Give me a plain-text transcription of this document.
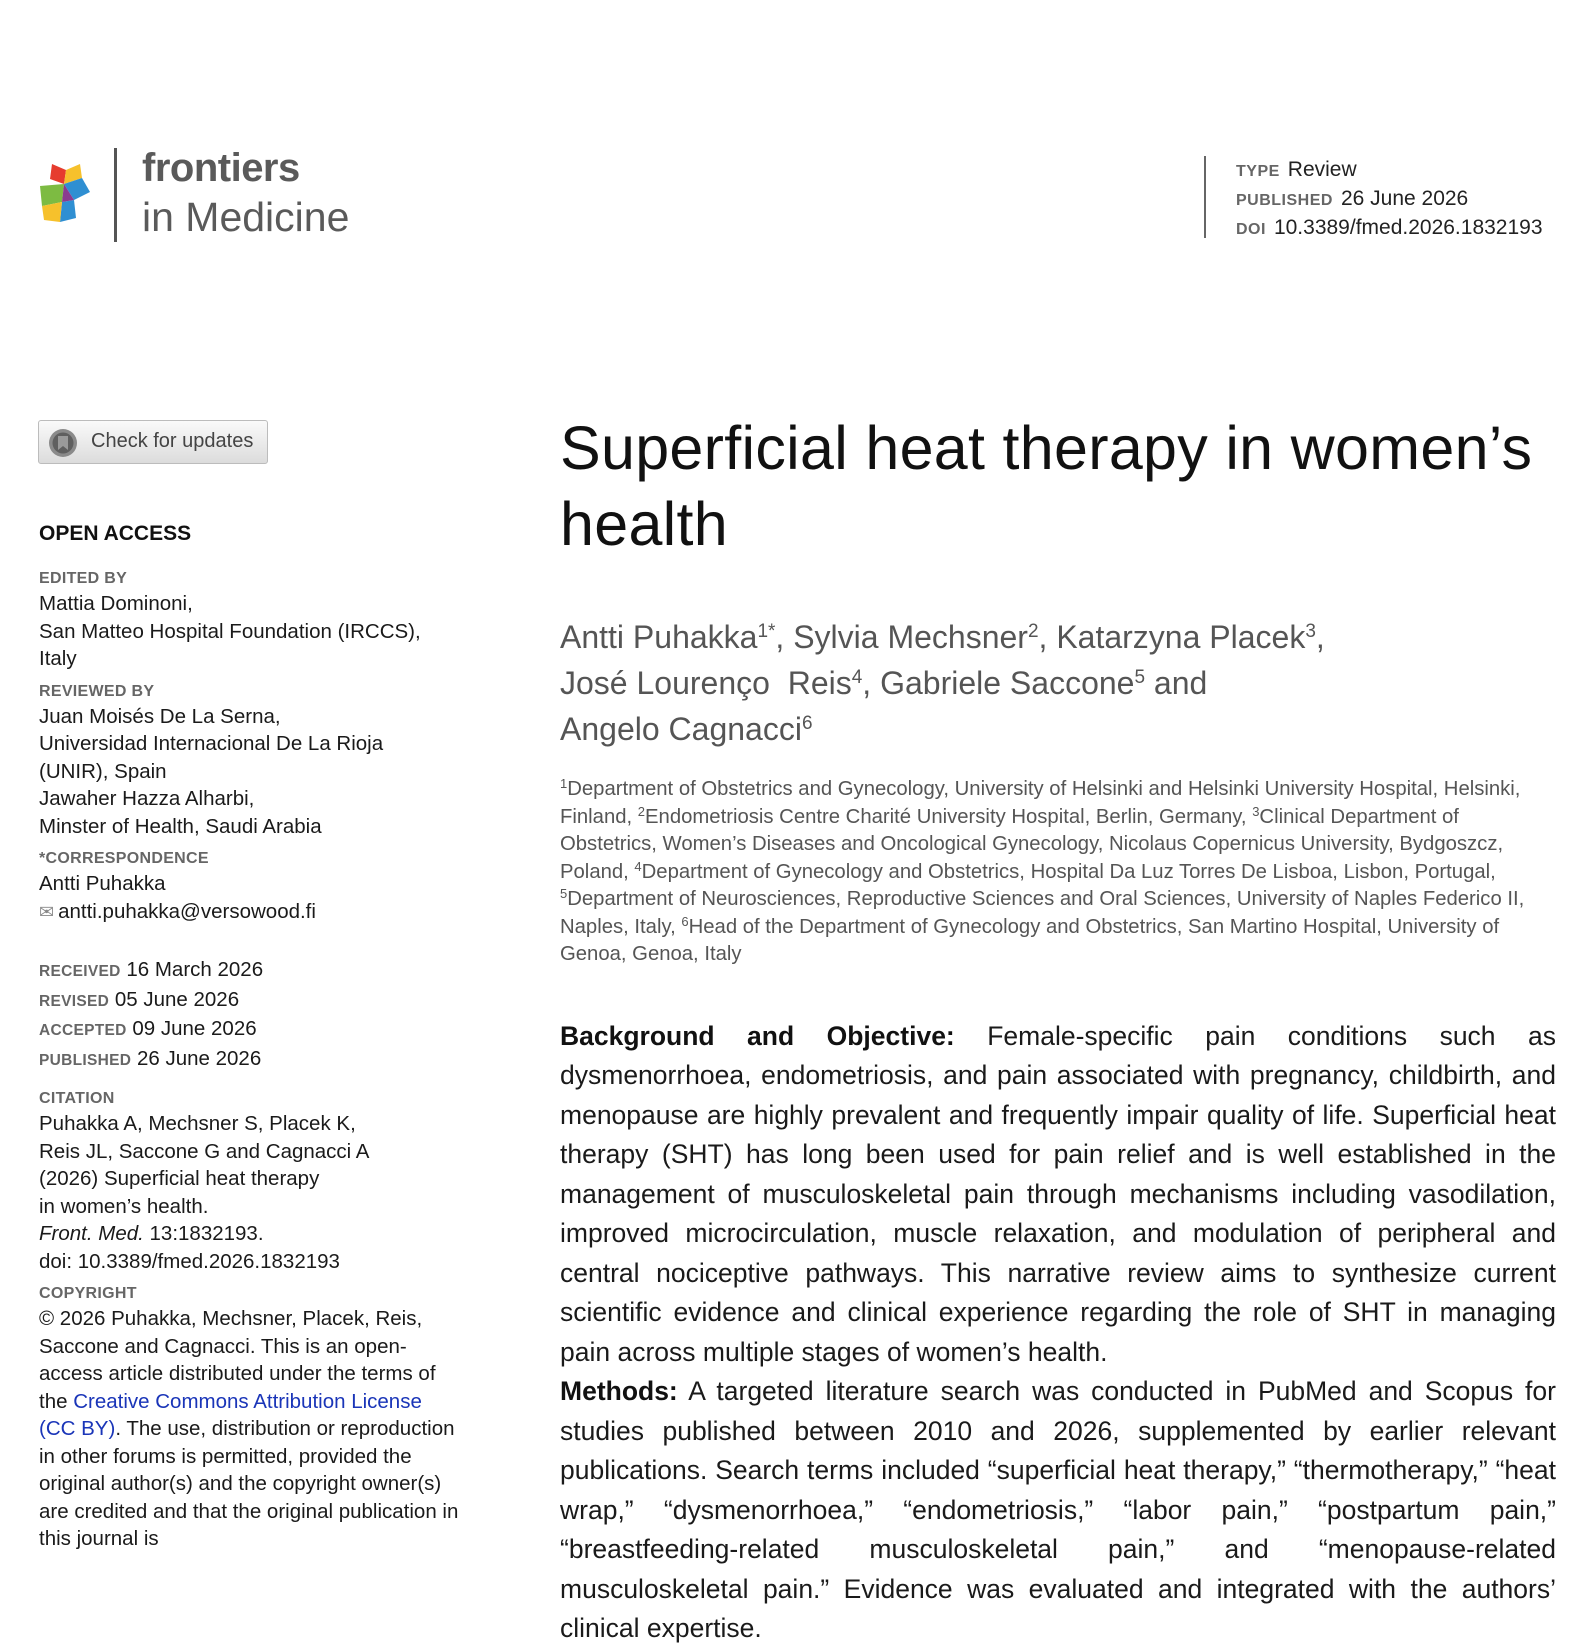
frontiers
in Medicine
TYPE Review
PUBLISHED 26 June 2026
DOI 10.3389/fmed.2026.1832193
Check for updates
OPEN ACCESS
EDITED BY
Mattia Dominoni,
San Matteo Hospital Foundation (IRCCS),
Italy
REVIEWED BY
Juan Moisés De La Serna,
Universidad Internacional De La Rioja
(UNIR), Spain
Jawaher Hazza Alharbi,
Minster of Health, Saudi Arabia
*CORRESPONDENCE
Antti Puhakka
✉ antti.puhakka@versowood.fi
RECEIVED 16 March 2026
REVISED 05 June 2026
ACCEPTED 09 June 2026
PUBLISHED 26 June 2026
CITATION
Puhakka A, Mechsner S, Placek K,
Reis JL, Saccone G and Cagnacci A
(2026) Superficial heat therapy
in women’s health.
Front. Med. 13:1832193.
doi: 10.3389/fmed.2026.1832193
COPYRIGHT
© 2026 Puhakka, Mechsner, Placek, Reis, Saccone and Cagnacci. This is an open-access article distributed under the terms of the Creative Commons Attribution License (CC BY). The use, distribution or reproduction in other forums is permitted, provided the original author(s) and the copyright owner(s) are credited and that the original publication in this journal is
Superficial heat therapy in women’s health
Antti Puhakka$^{1*}$, Sylvia Mechsner$^2$, Katarzyna Placek$^3$,
José Lourenço  Reis$^4$, Gabriele Saccone$^5$ and
Angelo Cagnacci$^6$
$^1$Department of Obstetrics and Gynecology, University of Helsinki and Helsinki University Hospital, Helsinki, Finland, $^2$Endometriosis Centre Charité University Hospital, Berlin, Germany, $^3$Clinical Department of Obstetrics, Women’s Diseases and Oncological Gynecology, Nicolaus Copernicus University, Bydgoszcz, Poland, $^4$Department of Gynecology and Obstetrics, Hospital Da Luz Torres De Lisboa, Lisbon, Portugal, $^5$Department of Neurosciences, Reproductive Sciences and Oral Sciences, University of Naples Federico II, Naples, Italy, $^6$Head of the Department of Gynecology and Obstetrics, San Martino Hospital, University of Genoa, Genoa, Italy
Background and Objective: Female-specific pain conditions such as dysmenorrhoea, endometriosis, and pain associated with pregnancy, childbirth, and menopause are highly prevalent and frequently impair quality of life. Superficial heat therapy (SHT) has long been used for pain relief and is well established in the management of musculoskeletal pain through mechanisms including vasodilation, improved microcirculation, muscle relaxation, and modulation of peripheral and central nociceptive pathways. This narrative review aims to synthesize current scientific evidence and clinical experience regarding the role of SHT in managing pain across multiple stages of women’s health.
Methods: A targeted literature search was conducted in PubMed and Scopus for studies published between 2010 and 2026, supplemented by earlier relevant publications. Search terms included “superficial heat therapy,” “thermotherapy,” “heat wrap,” “dysmenorrhoea,” “endometriosis,” “labor pain,” “postpartum pain,” “breastfeeding-related musculoskeletal pain,” and “menopause-related musculoskeletal pain.” Evidence was evaluated and integrated with the authors’ clinical expertise.
